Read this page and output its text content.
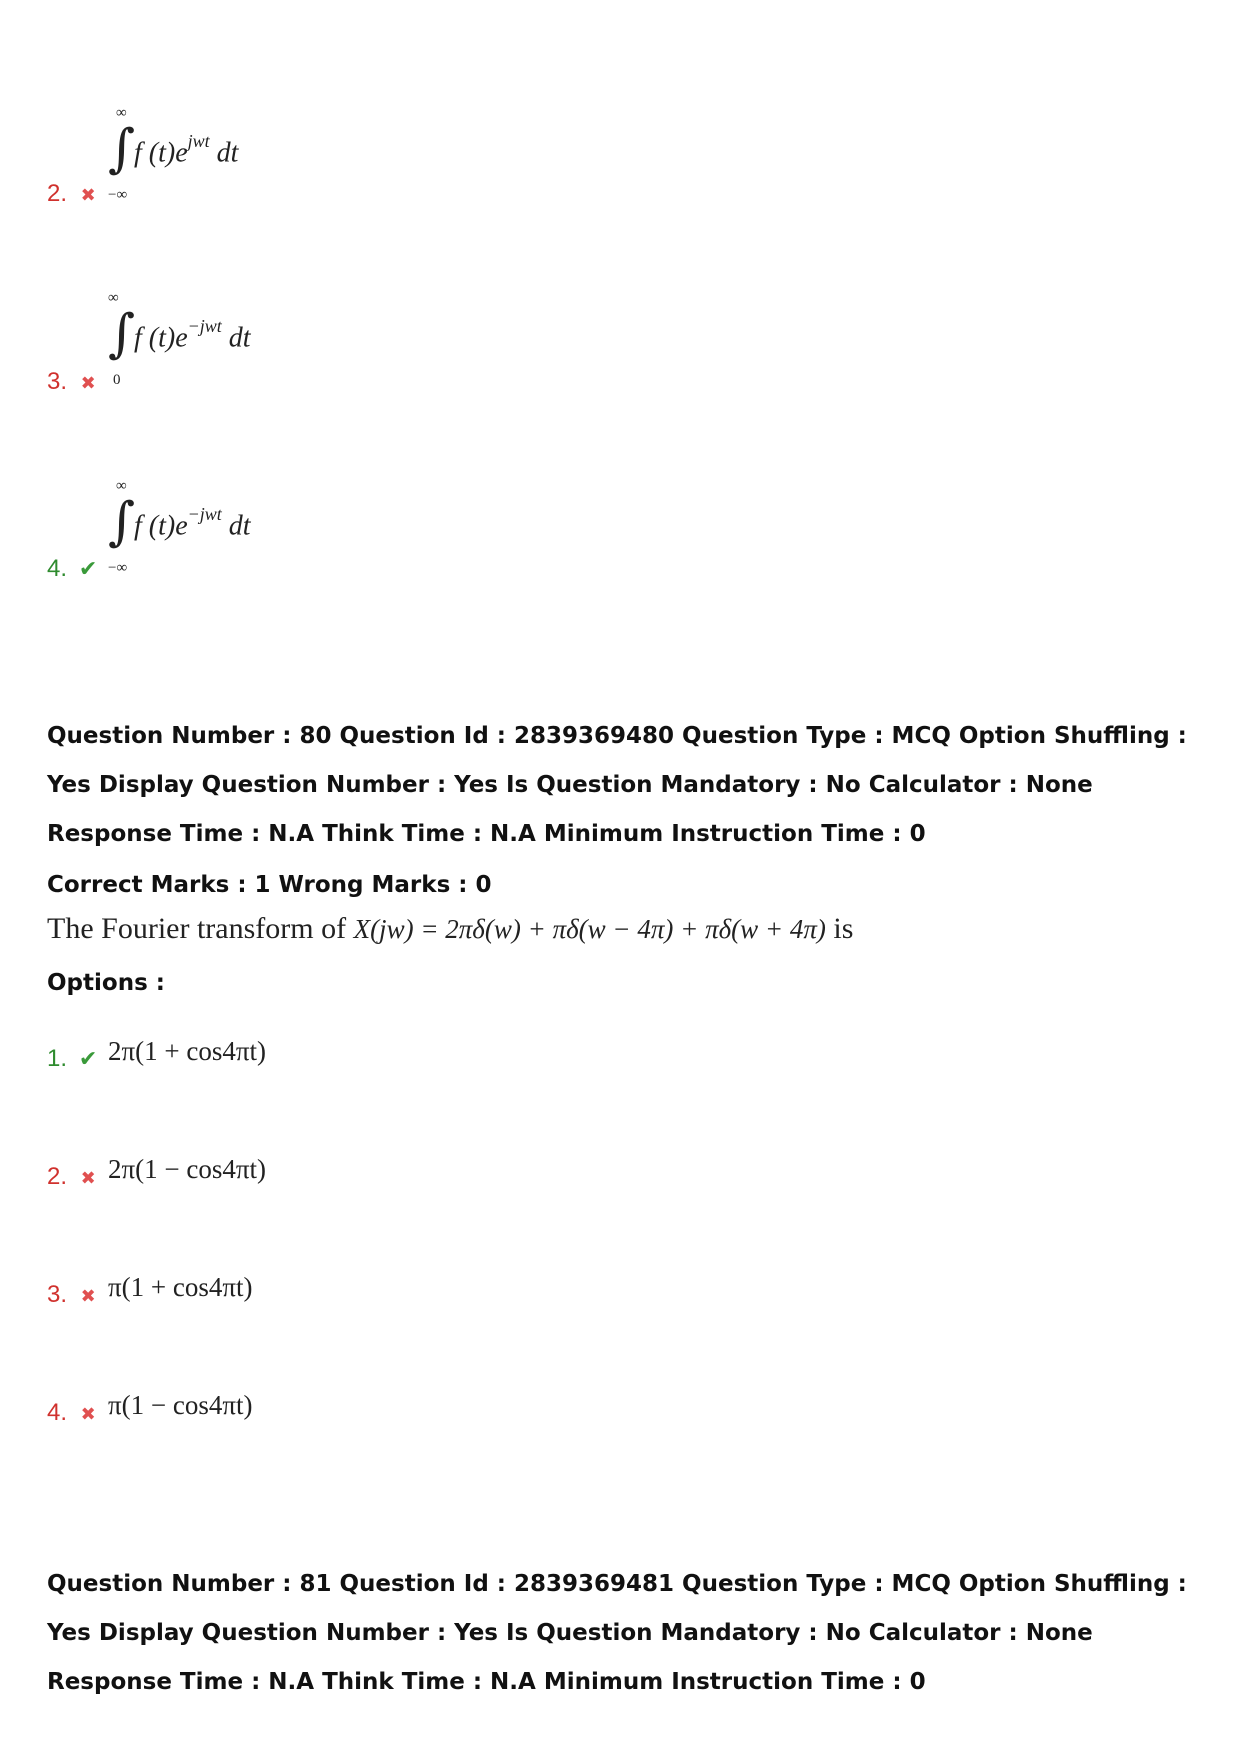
2. ✖
∞
∫
−∞
f $(t)e^{jwt}$ dt
3. ✖
∞
∫
0
f $(t)e^{-jwt}$ dt
4. ✔
∞
∫
−∞
f $(t)e^{-jwt}$ dt
Question Number : 80 Question Id : 2839369480 Question Type : MCQ Option Shuffling : Yes Display Question Number : Yes Is Question Mandatory : No Calculator : None Response Time : N.A Think Time : N.A Minimum Instruction Time : 0
Correct Marks : 1 Wrong Marks : 0
The Fourier transform of X(jw) = 2πδ(w) + πδ(w − 4π) + πδ(w + 4π) is
Options :
1. ✔ 2π(1 + cos4πt)
2. ✖ 2π(1 − cos4πt)
3. ✖ π(1 + cos4πt)
4. ✖ π(1 − cos4πt)
Question Number : 81 Question Id : 2839369481 Question Type : MCQ Option Shuffling : Yes Display Question Number : Yes Is Question Mandatory : No Calculator : None Response Time : N.A Think Time : N.A Minimum Instruction Time : 0
